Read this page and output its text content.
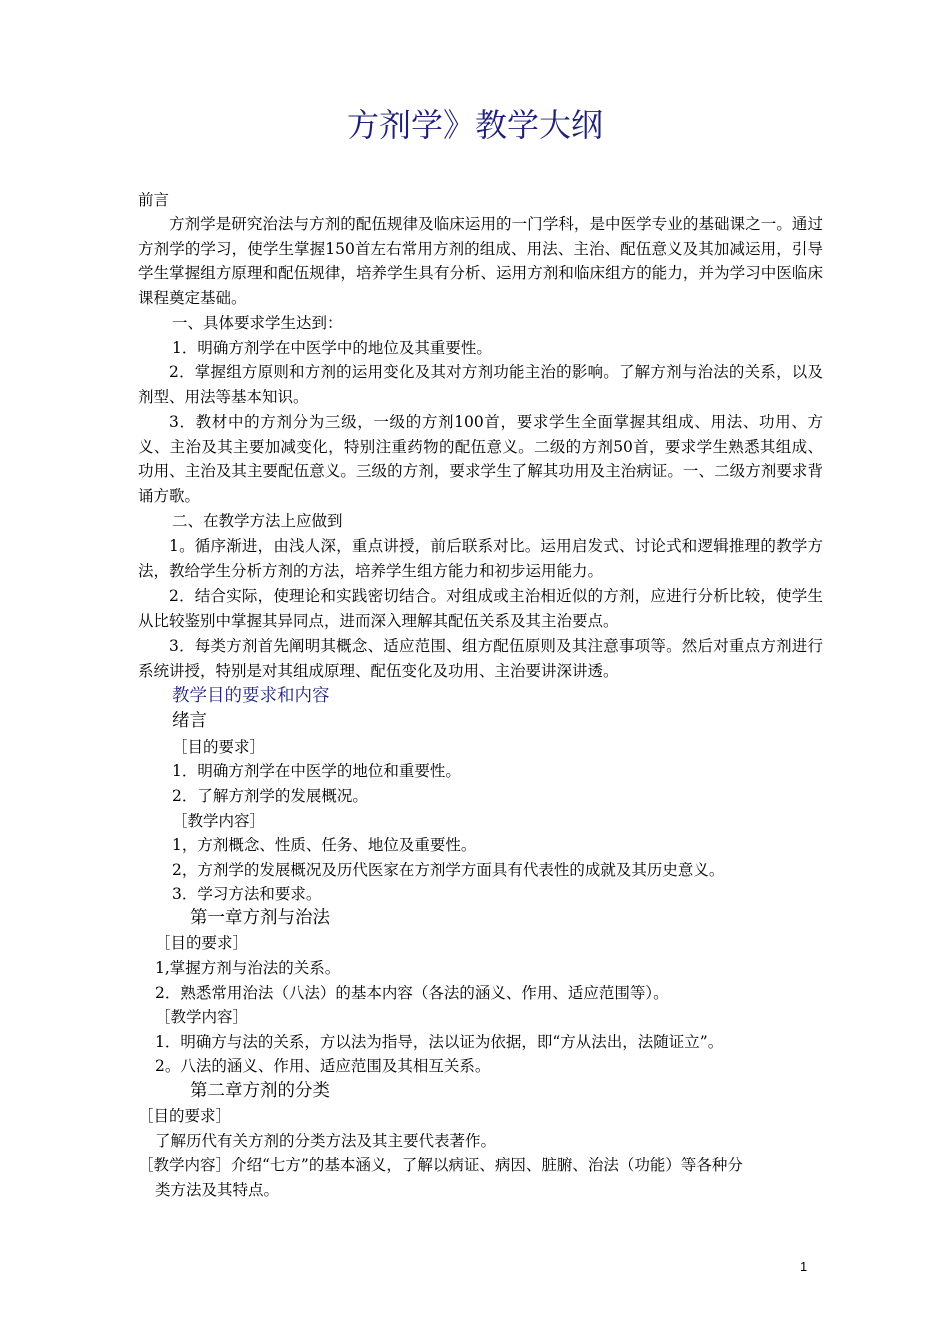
方剂学》教学大纲
前言

方剂学是研究治法与方剂的配伍规律及临床运用的一门学科，是中医学专业的基础课之一。通过方剂学的学习，使学生掌握150首左右常用方剂的组成、用法、主治、配伍意义及其加减运用，引导学生掌握组方原理和配伍规律，培养学生具有分析、运用方剂和临床组方的能力，并为学习中医临床课程奠定基础。

一、具体要求学生达到：
1．明确方剂学在中医学中的地位及其重要性。

2．掌握组方原则和方剂的运用变化及其对方剂功能主治的影响。了解方剂与治法的关系，以及剂型、用法等基本知识。

3．教材中的方剂分为三级，一级的方剂100首，要求学生全面掌握其组成、用法、功用、方义、主治及其主要加减变化，特别注重药物的配伍意义。二级的方剂50首，要求学生熟悉其组成、功用、主治及其主要配伍意义。三级的方剂，要求学生了解其功用及主治病证。一、二级方剂要求背诵方歌。

二、在教学方法上应做到

1。循序渐进，由浅人深，重点讲授，前后联系对比。运用启发式、讨论式和逻辑推理的教学方法，教给学生分析方剂的方法，培养学生组方能力和初步运用能力。

2．结合实际，使理论和实践密切结合。对组成或主治相近似的方剂，应进行分析比较，使学生从比较鉴别中掌握其异同点，进而深入理解其配伍关系及其主治要点。

3．每类方剂首先阐明其概念、适应范围、组方配伍原则及其注意事项等。然后对重点方剂进行系统讲授，特别是对其组成原理、配伍变化及功用、主治要讲深讲透。

教学目的要求和内容
绪言
［目的要求］
1．明确方剂学在中医学的地位和重要性。
2．了解方剂学的发展概况。
［教学内容］
1，方剂概念、性质、任务、地位及重要性。
2，方剂学的发展概况及历代医家在方剂学方面具有代表性的成就及其历史意义。
3．学习方法和要求。
第一章方剂与治法
［目的要求］
1,掌握方剂与治法的关系。
2．熟悉常用治法（八法）的基本内容（各法的涵义、作用、适应范围等）。
［教学内容］
1．明确方与法的关系，方以法为指导，法以证为依据，即“方从法出，法随证立”。
2。八法的涵义、作用、适应范围及其相互关系。
第二章方剂的分类
［目的要求］
了解历代有关方剂的分类方法及其主要代表著作。
［教学内容］介绍“七方”的基本涵义，了解以病证、病因、脏腑、治法（功能）等各种分
类方法及其特点。
1
